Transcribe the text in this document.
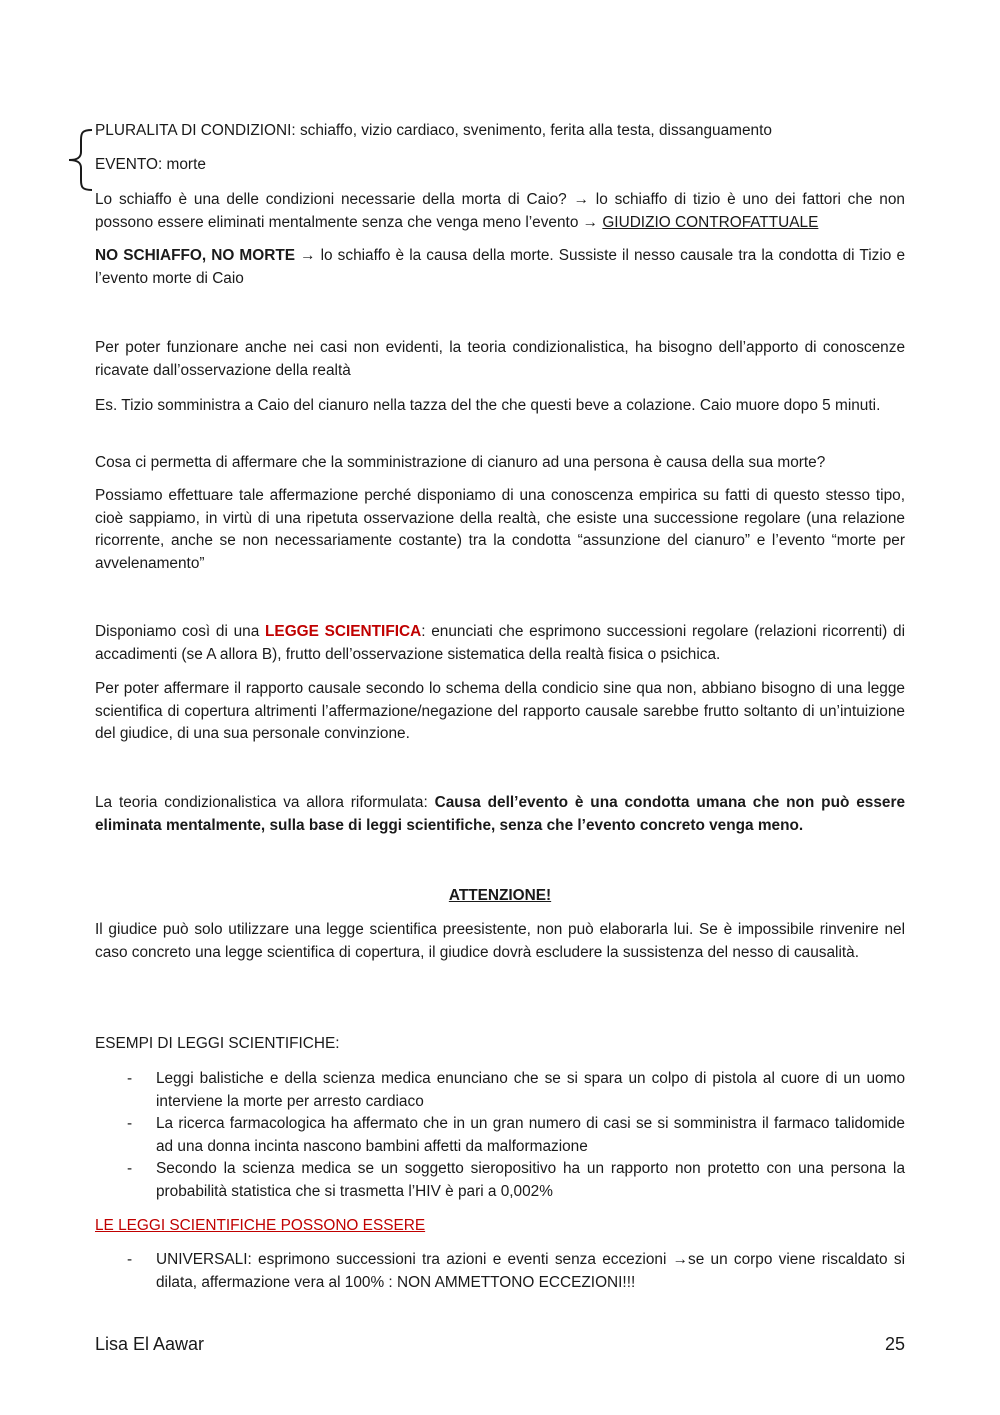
PLURALITA DI CONDIZIONI: schiaffo, vizio cardiaco, svenimento, ferita alla testa, dissanguamento

EVENTO: morte

Lo schiaffo è una delle condizioni necessarie della morta di Caio? → lo schiaffo di tizio è uno dei fattori che non possono essere eliminati mentalmente senza che venga meno l’evento → GIUDIZIO CONTROFATTUALE

NO SCHIAFFO, NO MORTE → lo schiaffo è la causa della morte. Sussiste il nesso causale tra la condotta di Tizio e l’evento morte di Caio

Per poter funzionare anche nei casi non evidenti, la teoria condizionalistica, ha bisogno dell’apporto di conoscenze ricavate dall’osservazione della realtà

Es. Tizio somministra a Caio del cianuro nella tazza del the che questi beve a colazione. Caio muore dopo 5 minuti.

Cosa ci permetta di affermare che la somministrazione di cianuro ad una persona è causa della sua morte?

Possiamo effettuare tale affermazione perché disponiamo di una conoscenza empirica su fatti di questo stesso tipo, cioè sappiamo, in virtù di una ripetuta osservazione della realtà, che esiste una successione regolare (una relazione ricorrente, anche se non necessariamente costante) tra la condotta “assunzione del cianuro” e l’evento “morte per avvelenamento”

Disponiamo così di una LEGGE SCIENTIFICA: enunciati che esprimono successioni regolare (relazioni ricorrenti) di accadimenti (se A allora B), frutto dell’osservazione sistematica della realtà fisica o psichica.

Per poter affermare il rapporto causale secondo lo schema della condicio sine qua non, abbiano bisogno di una legge scientifica di copertura altrimenti l’affermazione/negazione del rapporto causale sarebbe frutto soltanto di un’intuizione del giudice, di una sua personale convinzione.

La teoria condizionalistica va allora riformulata: Causa dell’evento è una condotta umana che non può essere eliminata mentalmente, sulla base di leggi scientifiche, senza che l’evento concreto venga meno.

ATTENZIONE!

Il giudice può solo utilizzare una legge scientifica preesistente, non può elaborarla lui. Se è impossibile rinvenire nel caso concreto una legge scientifica di copertura, il giudice dovrà escludere la sussistenza del nesso di causalità.

ESEMPI DI LEGGI SCIENTIFICHE:

- Leggi balistiche e della scienza medica enunciano che se si spara un colpo di pistola al cuore di un uomo interviene la morte per arresto cardiaco
- La ricerca farmacologica ha affermato che in un gran numero di casi se si somministra il farmaco talidomide ad una donna incinta nascono bambini affetti da malformazione
- Secondo la scienza medica se un soggetto sieropositivo ha un rapporto non protetto con una persona la probabilità statistica che si trasmetta l’HIV è pari a 0,002%

LE LEGGI SCIENTIFICHE POSSONO ESSERE

- UNIVERSALI: esprimono successioni tra azioni e eventi senza eccezioni →se un corpo viene riscaldato si dilata, affermazione vera al 100% : NON AMMETTONO ECCEZIONI!!!
Lisa El Aawar	25
